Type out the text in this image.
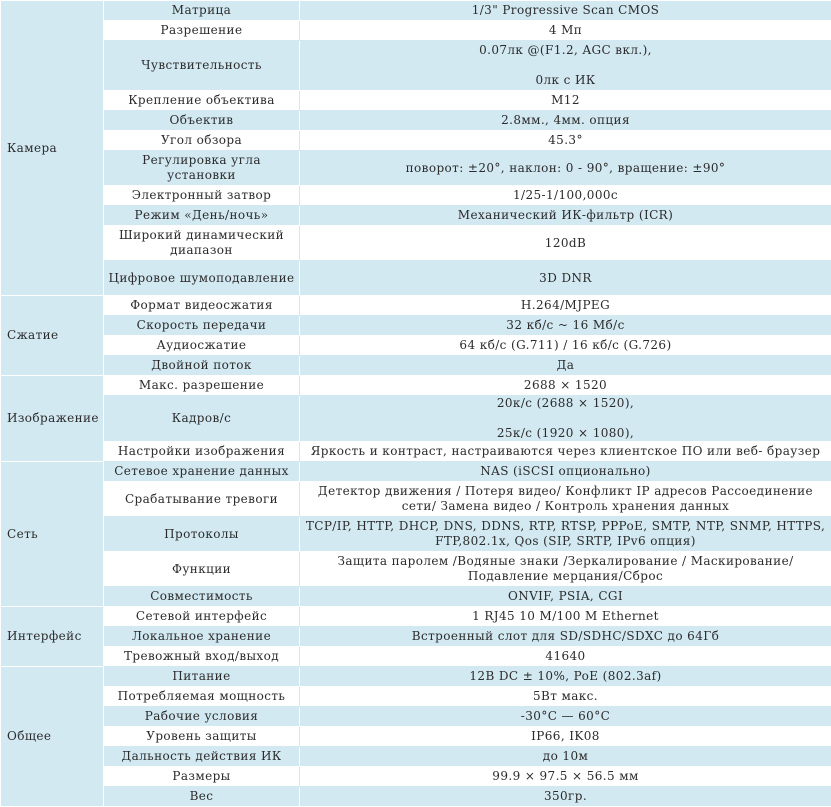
Камера	Матрица	1/3" Progressive Scan CMOS

	Разрешение	4 Мп

	Чувствительность	0.07лк @(F1.2, AGC вкл.),
0лк с ИК

	Крепление объектива	M12

	Объектив	2.8мм., 4мм. опция

	Угол обзора	45.3°

	Регулировка угла установки	поворот: ±20°, наклон: 0 - 90°, вращение: ±90°

	Электронный затвор	1/25-1/100,000с

	Режим «День/ночь»	Механический ИК-фильтр (ICR)

	Широкий динамический диапазон	120dB

	Цифровое шумоподавление	3D DNR

Сжатие	Формат видеосжатия	H.264/MJPEG

	Скорость передачи	32 кб/с ~ 16 Мб/с

	Аудиосжатие	64 кб/с (G.711) / 16 кб/с (G.726)

	Двойной поток	Да

Изображение	Макс. разрешение	2688 × 1520

	Кадров/с	20к/с (2688 × 1520),
25к/с (1920 × 1080),

	Настройки изображения	Яркость и контраст, настраиваются через клиентское ПО или веб- браузер

Сеть	Сетевое хранение данных	NAS (iSCSI опционально)

	Срабатывание тревоги	Детектор движения / Потеря видео/ Конфликт IP адресов Рассоединение сети/ Замена видео / Контроль хранения данных

	Протоколы	TCP/IP, HTTP, DHCP, DNS, DDNS, RTP, RTSP, PPPoE, SMTP, NTP, SNMP, HTTPS, FTP,802.1x, Qos (SIP, SRTP, IPv6 опция)

	Функции	Защита паролем /Водяные знаки /Зеркалирование / Маскирование/ Подавление мерцания/Сброс

	Совместимость	ONVIF, PSIA, CGI

Интерфейс	Сетевой интерфейс	1 RJ45 10 M/100 M Ethernet

	Локальное хранение	Встроенный слот для SD/SDHC/SDXC до 64Гб

	Тревожный вход/выход	41640

Общее	Питание	12В DC ± 10%, PoE (802.3af)

	Потребляемая мощность	5Вт макс.

	Рабочие условия	-30°C — 60°C

	Уровень защиты	IP66, IK08

	Дальность действия ИК	до 10м

	Размеры	99.9 × 97.5 × 56.5 мм

	Вес	350гр.
